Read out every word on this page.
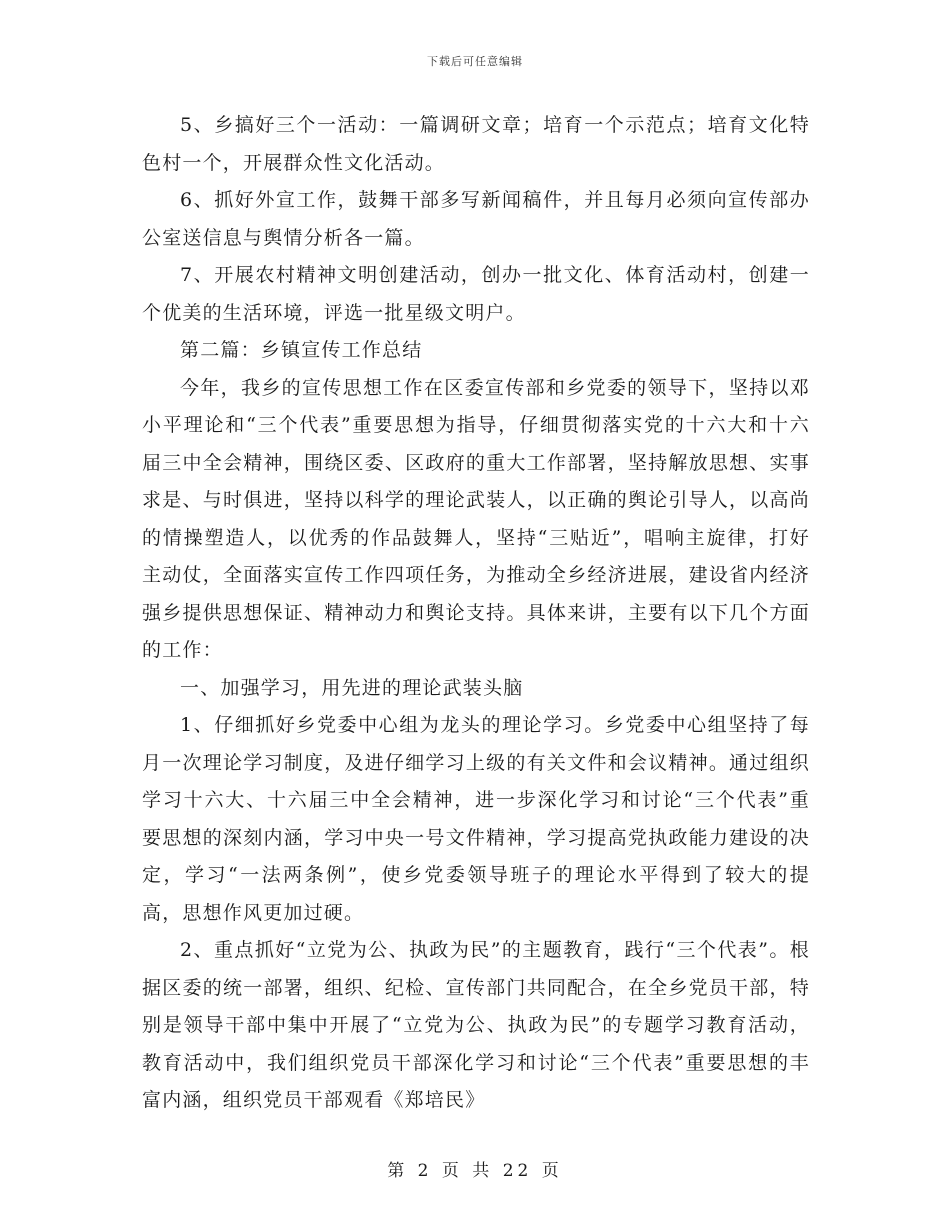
下载后可任意编辑

5、乡搞好三个一活动：一篇调研文章；培育一个示范点；培育文化特色村一个，开展群众性文化活动。

6、抓好外宣工作，鼓舞干部多写新闻稿件，并且每月必须向宣传部办公室送信息与舆情分析各一篇。

7、开展农村精神文明创建活动，创办一批文化、体育活动村，创建一个优美的生活环境，评选一批星级文明户。

第二篇：乡镇宣传工作总结

今年，我乡的宣传思想工作在区委宣传部和乡党委的领导下，坚持以邓小平理论和“三个代表”重要思想为指导，仔细贯彻落实党的十六大和十六届三中全会精神，围绕区委、区政府的重大工作部署，坚持解放思想、实事求是、与时俱进，坚持以科学的理论武装人，以正确的舆论引导人，以高尚的情操塑造人，以优秀的作品鼓舞人，坚持“三贴近”，唱响主旋律，打好主动仗，全面落实宣传工作四项任务，为推动全乡经济进展，建设省内经济强乡提供思想保证、精神动力和舆论支持。具体来讲，主要有以下几个方面的工作：

一、加强学习，用先进的理论武装头脑

1、仔细抓好乡党委中心组为龙头的理论学习。乡党委中心组坚持了每月一次理论学习制度，及进仔细学习上级的有关文件和会议精神。通过组织学习十六大、十六届三中全会精神，进一步深化学习和讨论“三个代表”重要思想的深刻内涵，学习中央一号文件精神，学习提高党执政能力建设的决定，学习“一法两条例”，使乡党委领导班子的理论水平得到了较大的提高，思想作风更加过硬。

2、重点抓好“立党为公、执政为民”的主题教育，践行“三个代表”。根据区委的统一部署，组织、纪检、宣传部门共同配合，在全乡党员干部，特别是领导干部中集中开展了“立党为公、执政为民”的专题学习教育活动，教育活动中，我们组织党员干部深化学习和讨论“三个代表”重要思想的丰富内涵，组织党员干部观看《郑培民》

第 2 页 共 22 页
